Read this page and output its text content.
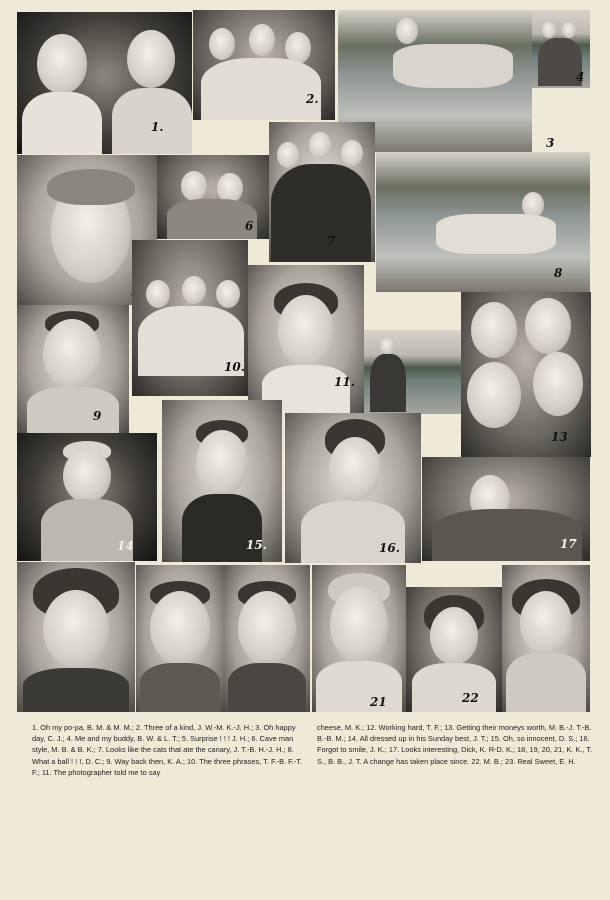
1.
2.
4
3
6
7
8
9
10.
11.
13
14	15.	16.	17
21	22
1. Oh my po-pa, B. M. & M. M.; 2. Three of a kind, J. W.-M. K.-J. H.; 3. Oh happy day, C. J.; 4. Me and my buddy, B. W. & L. T.; 5. Surprise ! ! ! J. H.; 6. Cave man style, M. B. & B. K.; 7. Looks like the cats that ate the canary, J. T.-B. H.-J. H.; 8. What a ball ! ! !, D. C.; 9. Way back then, K. A.; 10. The three phrases, T. F.-B. F.-T. F.; 11. The photographer told me to say
cheese, M. K.; 12. Working hard, T. F.; 13. Getting their moneys worth, M. B.-J. T.-B. B.-B. M.; 14. All dressed up in his Sunday best, J. T.; 15. Oh, so innocent, D. S.; 16. Forgot to smile, J. K.; 17. Looks interesting, Dick, K. R-D. K.; 18, 19, 20, 21, K. K., T. S., B. B., J. T. A change has taken place since. 22. M. B.; 23. Real Sweet, E. H.
